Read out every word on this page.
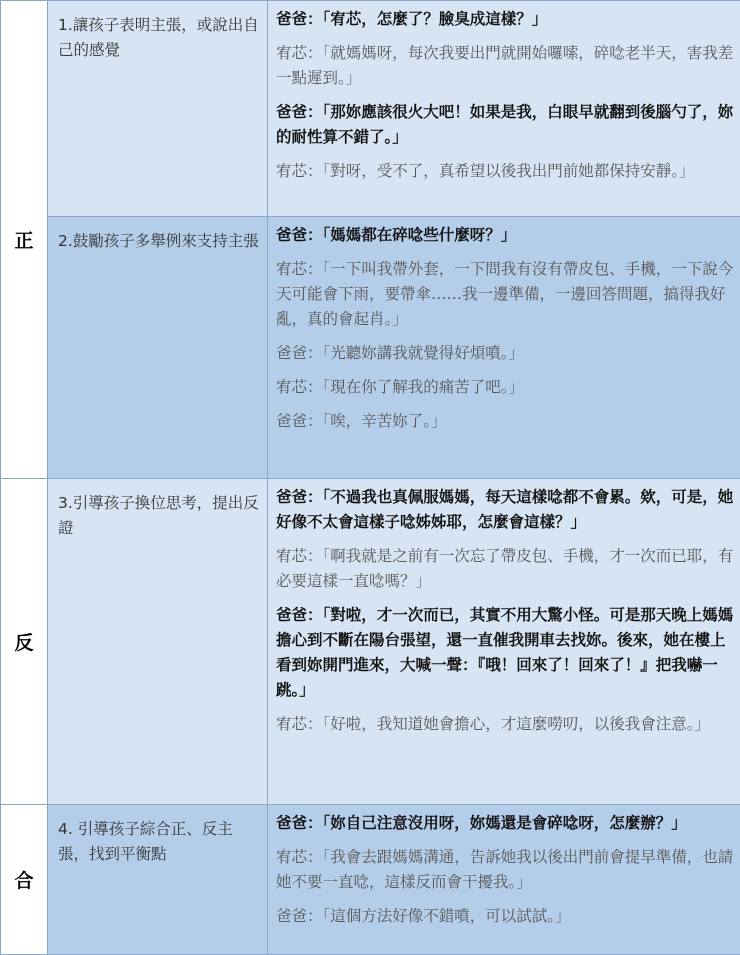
正	1.讓孩子表明主張，或說出自己的感覺	爸爸：「宥芯，怎麼了？臉臭成這樣？」
宥芯：「就媽媽呀，每次我要出門就開始囉嗦，碎唸老半天，害我差一點遲到。」
爸爸：「那妳應該很火大吧！如果是我，白眼早就翻到後腦勺了，妳的耐性算不錯了。」
宥芯：「對呀，受不了，真希望以後我出門前她都保持安靜。」

	2.鼓勵孩子多舉例來支持主張	爸爸：「媽媽都在碎唸些什麼呀？」
宥芯：「一下叫我帶外套，一下問我有沒有帶皮包、手機，一下說今天可能會下雨，要帶傘……我一邊準備，一邊回答問題，搞得我好亂，真的會起肖。」
爸爸：「光聽妳講我就覺得好煩噴。」
宥芯：「現在你了解我的痛苦了吧。」
爸爸：「唉，辛苦妳了。」

反	3.引導孩子換位思考，提出反證	爸爸：「不過我也真佩服媽媽，每天這樣唸都不會累。欸，可是，她好像不太會這樣子唸姊姊耶，怎麼會這樣？」
宥芯：「啊我就是之前有一次忘了帶皮包、手機，才一次而已耶，有必要這樣一直唸嗎？」
爸爸：「對啦，才一次而已，其實不用大驚小怪。可是那天晚上媽媽擔心到不斷在陽台張望，還一直催我開車去找妳。後來，她在樓上看到妳開門進來，大喊一聲：『哦！回來了！回來了！』把我嚇一跳。」
宥芯：「好啦，我知道她會擔心，才這麼嘮叨，以後我會注意。」

合	4. 引導孩子綜合正、反主張，找到平衡點	爸爸：「妳自己注意沒用呀，妳媽還是會碎唸呀，怎麼辦？」
宥芯：「我會去跟媽媽溝通，告訴她我以後出門前會提早準備，也請她不要一直唸，這樣反而會干擾我。」
爸爸：「這個方法好像不錯噴，可以試試。」
